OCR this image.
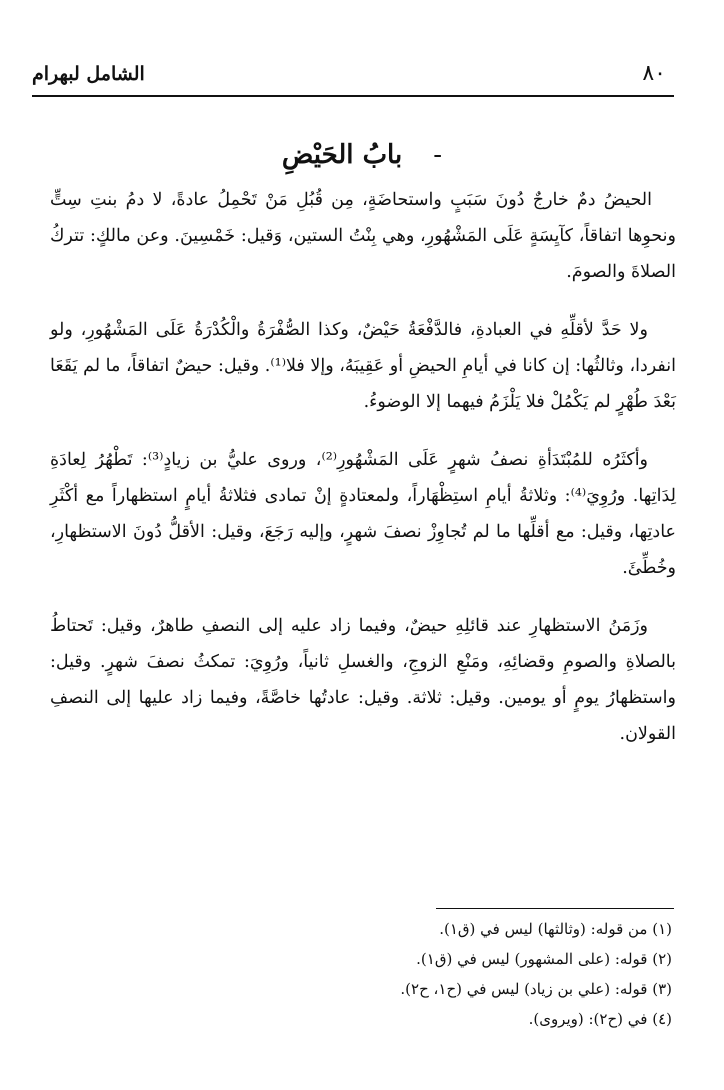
٨٠
الشامل لبهرام
- بابُ الحَيْضِ

الحيضُ دمٌ خارجٌ دُونَ سَبَبٍ واستحاضَةٍ، مِن قُبُلِ مَنْ تَحْمِلُ عادةً، لا دمُ بنتِ سِتٍّ ونحوِها اتفاقاً، كآيِسَةٍ عَلَى المَشْهُورِ، وهي بِنْتُ الستين، وَقيل: خَمْسِينَ. وعن مالكٍ: تتركُ الصلاةَ والصومَ.

ولا حَدَّ لأقلِّهِ في العبادةِ، فالدَّفْعَةُ حَيْضٌ، وكذا الصُّفْرَةُ والْكُدْرَةُ عَلَى المَشْهُورِ، ولو انفردا، وثالثُها: إن كانا في أيامِ الحيضِ أو عَقِيبَهُ، وإلا فلا⁽¹⁾. وقيل: حيضٌ اتفاقاً، ما لم يَقَعَا بَعْدَ طُهْرٍ لم يَكْمُلْ فلا يَلْزَمُ فيهما إلا الوضوءُ.

وأكثَرُه للمُبْتَدَأةِ نصفُ شهرٍ عَلَى المَشْهُورِ⁽²⁾، وروى عليُّ بن زيادٍ⁽³⁾: تَطْهُرُ لِعادَةِ لِدَاتِها. ورُوِيَ⁽⁴⁾: وثلاثةُ أيامِ استِظْهَاراً، ولمعتادةٍ إنْ تمادى فثلاثةُ أيامٍ استظهاراً مع أكْثَرِ عادتِها، وقيل: مع أقلِّها ما لم تُجاوِزْ نصفَ شهرٍ، وإليه رَجَعَ، وقيل: الأقلُّ دُونَ الاستظهارِ، وخُطِّئَ.

وزَمَنُ الاستظهارِ عند قائلِهِ حيضٌ، وفيما زاد عليه إلى النصفِ طاهرٌ، وقيل: تَحتاطُ بالصلاةِ والصومِ وقضائِهِ، ومَنْعِ الزوجِ، والغسلِ ثانياً، ورُوِيَ: تمكثُ نصفَ شهرٍ. وقيل: واستظهارُ يومٍ أو يومين. وقيل: ثلاثة. وقيل: عادتُها خاصَّةً، وفيما زاد عليها إلى النصفِ القولان.

(١) من قوله: (وثالثها) ليس في (ق١).
(٢) قوله: (على المشهور) ليس في (ق١).
(٣) قوله: (علي بن زياد) ليس في (ح١، ح٢).
(٤) في (ح٢): (ويروى).
